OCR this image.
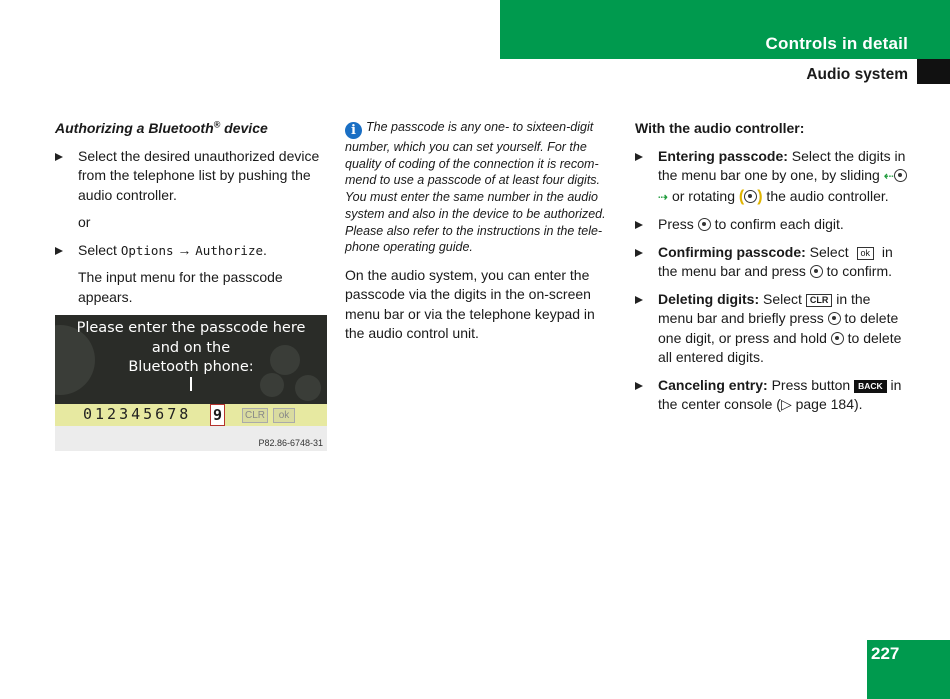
Controls in detail
Audio system
Authorizing a Bluetooth® device
Select the desired unauthorized device from the telephone list by pushing the audio controller.
or
Select Options → Authorize.
The input menu for the passcode appears.
Please enter the passcode here
and on the
Bluetooth phone:
012345678 9 CLR	ok
P82.86-6748-31
i The passcode is any one- to sixteen-digit number, which you can set yourself. For the quality of coding of the connection it is recom-mend to use a passcode of at least four digits. You must enter the same number in the audio system and also in the device to be authorized. Please also refer to the instructions in the tele-phone operating guide.
On the audio system, you can enter the passcode via the digits in the on-screen menu bar or via the telephone keypad in the audio control unit.
With the audio controller:
Entering passcode: Select the digits in the menu bar one by one, by sliding ⇠⇢ or rotating ( ) the audio controller.
Press  to confirm each digit.
Confirming passcode: Select ok in the menu bar and press  to confirm.
Deleting digits: Select CLR in the menu bar and briefly press  to delete one digit, or press and hold  to delete all entered digits.
Canceling entry: Press button BACK in the center console (▷ page 184).
227
